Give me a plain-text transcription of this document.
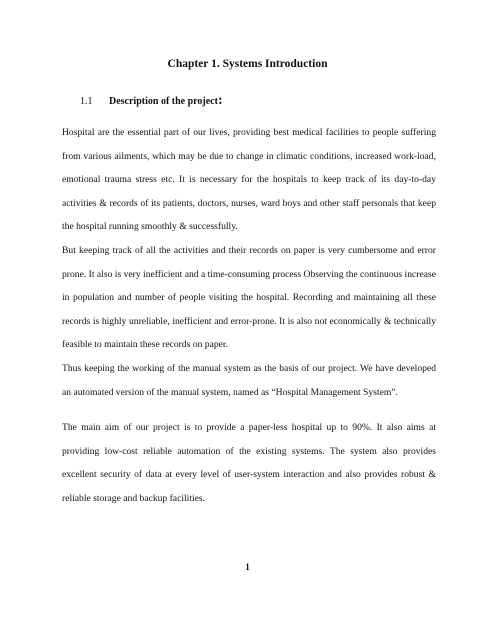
Chapter 1. Systems Introduction
1.1 Description of the project:

Hospital are the essential part of our lives, providing best medical facilities to people suffering from various ailments, which may be due to change in climatic conditions, increased work-load, emotional trauma stress etc. It is necessary for the hospitals to keep track of its day-to-day activities & records of its patients, doctors, nurses, ward boys and other staff personals that keep the hospital running smoothly & successfully.

But keeping track of all the activities and their records on paper is very cumbersome and error prone. It also is very inefficient and a time-consuming process Observing the continuous increase in population and number of people visiting the hospital. Recording and maintaining all these records is highly unreliable, inefficient and error-prone. It is also not economically & technically feasible to maintain these records on paper.

Thus keeping the working of the manual system as the basis of our project. We have developed an automated version of the manual system, named as “Hospital Management System”.

The main aim of our project is to provide a paper-less hospital up to 90%. It also aims at providing low-cost reliable automation of the existing systems. The system also provides excellent security of data at every level of user-system interaction and also provides robust & reliable storage and backup facilities.

1
